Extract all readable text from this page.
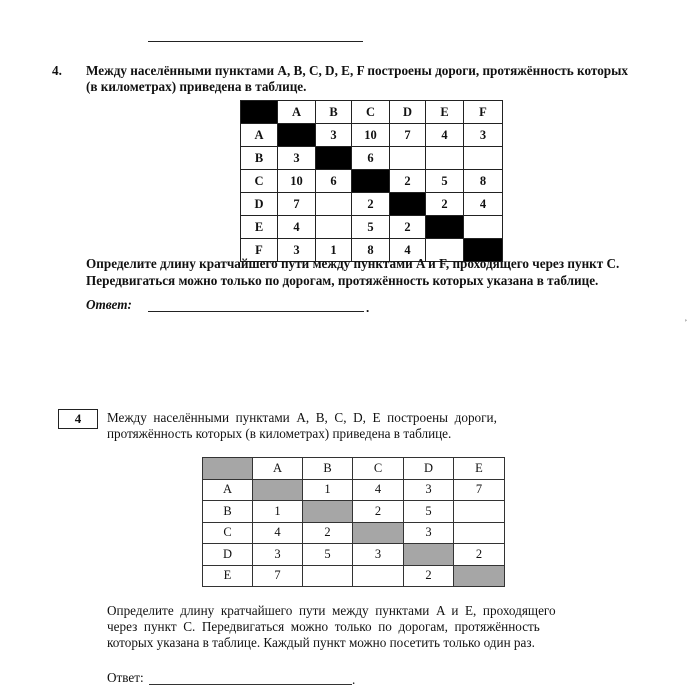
4. Между населёнными пунктами A, B, C, D, E, F построены дороги, протяжённость которых
(в километрах) приведена в таблице.
	A	B	C	D	E	F
A		3	10	7	4	3
B	3		6			
C	10	6		2	5	8
D	7		2		2	4
E	4		5	2		
F	3	1	8	4		
Определите длину кратчайшего пути между пунктами A и F, проходящего через пункт C.
Передвигаться можно только по дорогам, протяжённость которых указана в таблице.
Ответ:	.
᾿
4	Между  населёнными  пунктами  A,  B,  C,  D,  E  построены  дороги,
протяжённость которых (в километрах) приведена в таблице.
	A	B	C	D	E
A		1	4	3	7
B	1		2	5	
C	4	2		3	
D	3	5	3		2
E	7			2	
Определите  длину  кратчайшего  пути  между  пунктами  A  и  E,  проходящего
через  пункт  C.  Передвигаться  можно  только  по  дорогам,  протяжённость
которых указана в таблице. Каждый пункт можно посетить только один раз.
Ответ:	.
